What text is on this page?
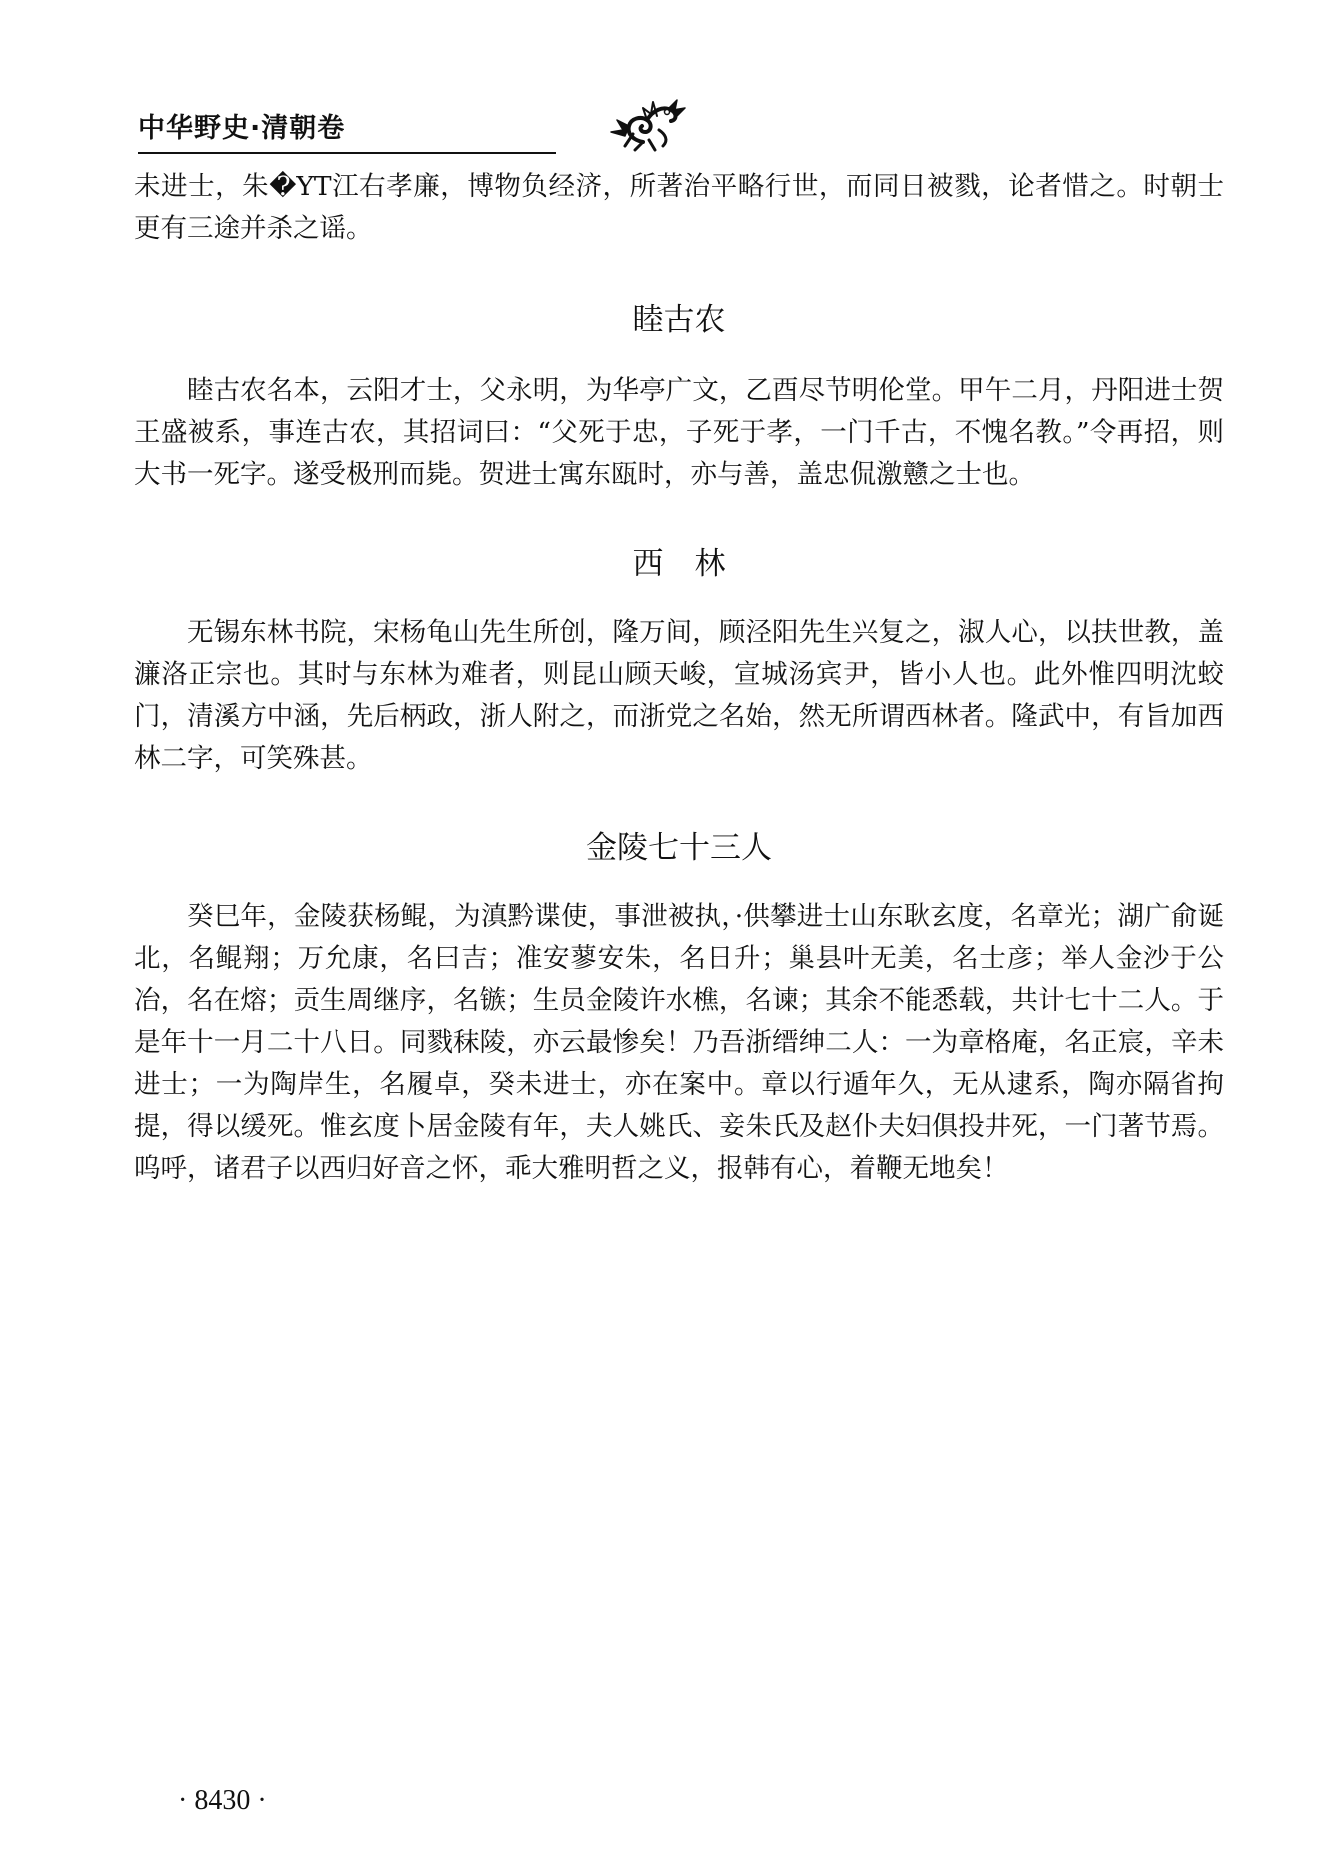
中华野史·清朝卷

未进士，朱�YT江右孝廉，博物负经济，所著治平略行世，而同日被戮，论者惜之。时朝士更有三途并杀之谣。

睦古农

睦古农名本，云阳才士，父永明，为华亭广文，乙酉尽节明伦堂。甲午二月，丹阳进士贺王盛被系，事连古农，其招词曰：“父死于忠，子死于孝，一门千古，不愧名教。”令再招，则大书一死字。遂受极刑而毙。贺进士寓东瓯时，亦与善，盖忠侃激戆之士也。

西　林

无锡东林书院，宋杨龟山先生所创，隆万间，顾泾阳先生兴复之，淑人心，以扶世教，盖濂洛正宗也。其时与东林为难者，则昆山顾天峻，宣城汤宾尹，皆小人也。此外惟四明沈蛟门，清溪方中涵，先后柄政，浙人附之，而浙党之名始，然无所谓西林者。隆武中，有旨加西林二字，可笑殊甚。

金陵七十三人

癸巳年，金陵获杨鲲，为滇黔谍使，事泄被执，·供攀进士山东耿玄度，名章光；湖广俞诞北，名鲲翔；万允康，名曰吉；准安蓼安朱，名日升；巢县叶无美，名士彦；举人金沙于公冶，名在熔；贡生周继序，名镞；生员金陵许水樵，名谏；其余不能悉载，共计七十二人。于是年十一月二十八日。同戮秣陵，亦云最惨矣！乃吾浙缙绅二人：一为章格庵，名正宸，辛未进士；一为陶岸生，名履卓，癸未进士，亦在案中。章以行遁年久，无从逮系，陶亦隔省拘提，得以缓死。惟玄度卜居金陵有年，夫人姚氏、妾朱氏及赵仆夫妇俱投井死，一门著节焉。呜呼，诸君子以西归好音之怀，乖大雅明哲之义，报韩有心，着鞭无地矣！

· 8430 ·
